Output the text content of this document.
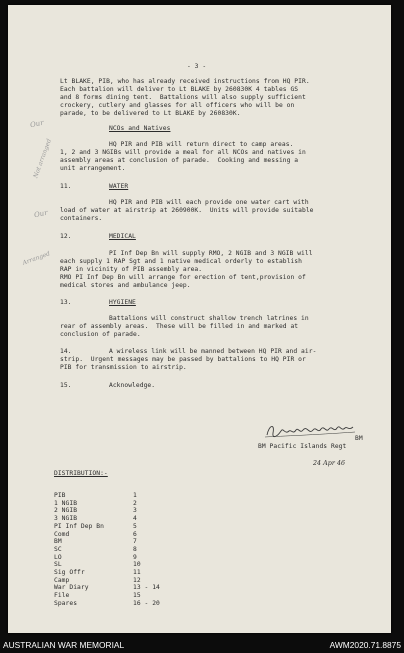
- 3 -
Lt BLAKE, PIB, who has already received instructions from HQ PIR.
Each battalion will deliver to Lt BLAKE by 260830K 4 tables GS
and 8 forms dining tent.  Battalions will also supply sufficient
crockery, cutlery and glasses for all officers who will be on
parade, to be delivered to Lt BLAKE by 260830K.
NCOs and Natives
HQ PIR and PIB will return direct to camp areas.
1, 2 and 3 NGIBs will provide a meal for all NCOs and natives in
assembly areas at conclusion of parade.  Cooking and messing a
unit arrangement.
11.	WATER
HQ PIR and PIB will each provide one water cart with
load of water at airstrip at 260900K.  Units will provide suitable
containers.
12.	MEDICAL
PI Inf Dep Bn will supply RMO, 2 NGIB and 3 NGIB will
each supply 1 RAP Sgt and 1 native medical orderly to establish
RAP in vicinity of PIB assembly area.
RMO PI Inf Dep Bn will arrange for erection of tent,provision of
medical stores and ambulance jeep.
13.	HYGIENE
Battalions will construct shallow trench latrines in
rear of assembly areas.  These will be filled in and marked at
conclusion of parade.
14.	A wireless link will be manned between HQ PIR and air-
strip.  Urgent messages may be passed by battalions to HQ PIR or
PIB for transmission to airstrip.
15.	Acknowledge.
BM
BM Pacific Islands Regt
24 Apr 46
DISTRIBUTION:-
PIB	1
1 NGIB	2
2 NGIB	3
3 NGIB	4
PI Inf Dep Bn	5
Comd	6
BM	7
SC	8
LO	9
SL	10
Sig Offr	11
Camp	12
War Diary	13 - 14
File	15
Spares	16 - 20
Our
Not arranged
Our
Arranged
AUSTRALIAN WAR MEMORIAL	AWM2020.71.8875
